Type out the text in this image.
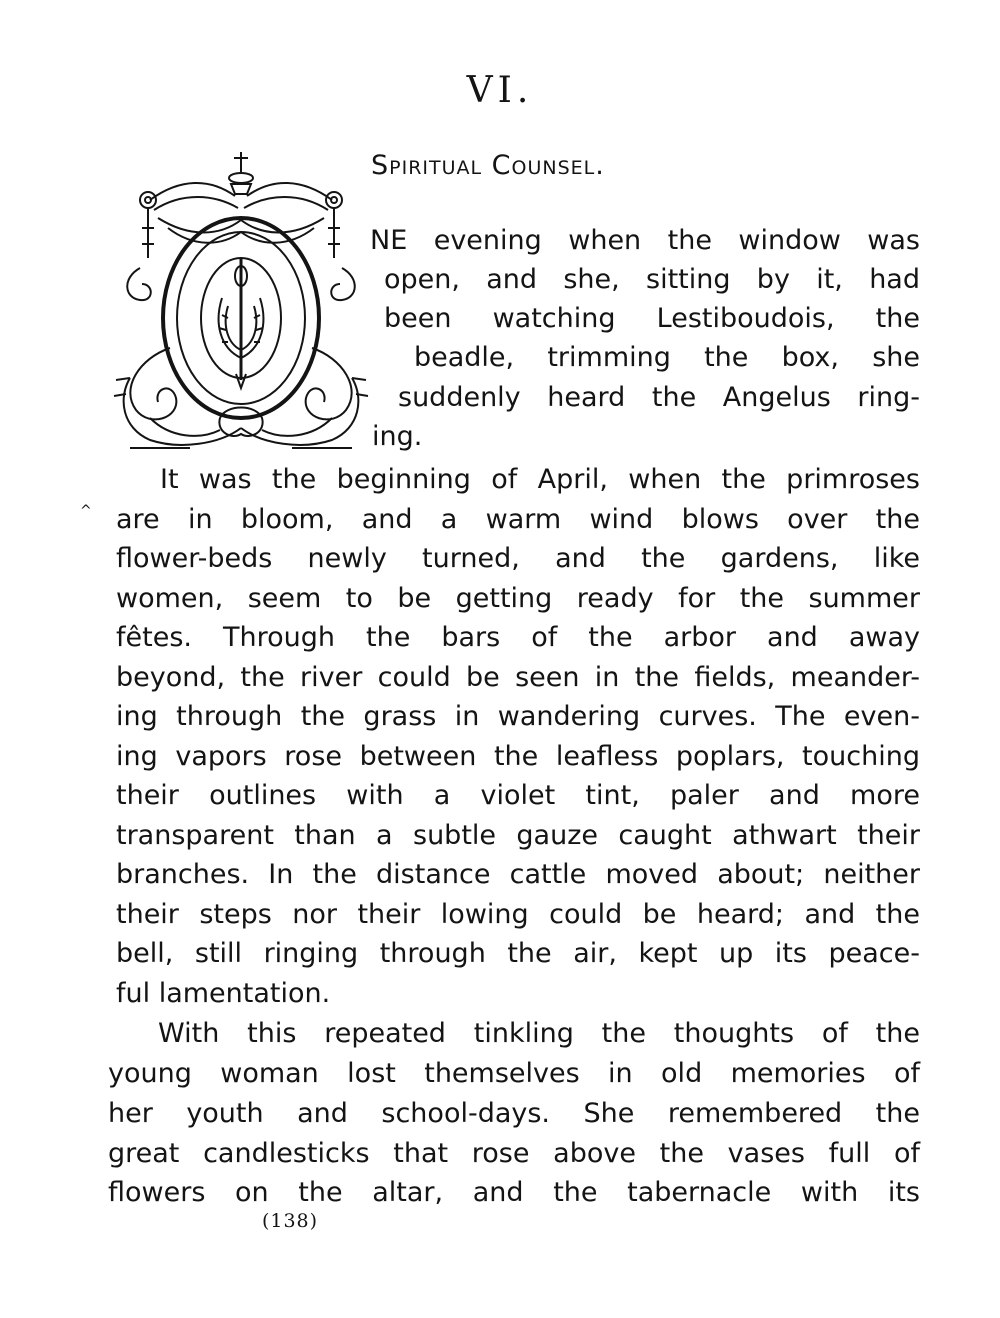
VI.
Spiritual Counsel.
NE evening when the window was
open, and she, sitting by it, had
been watching Lestiboudois, the
beadle, trimming the box, she
suddenly heard the Angelus ring-
ing.
^
It was the beginning of April, when the primroses
are in bloom, and a warm wind blows over the
flower-beds newly turned, and the gardens, like
women, seem to be getting ready for the summer
fêtes. Through the bars of the arbor and away
beyond, the river could be seen in the fields, meander-
ing through the grass in wandering curves. The even-
ing vapors rose between the leafless poplars, touching
their outlines with a violet tint, paler and more
transparent than a subtle gauze caught athwart their
branches. In the distance cattle moved about; neither
their steps nor their lowing could be heard; and the
bell, still ringing through the air, kept up its peace-
ful lamentation.
With this repeated tinkling the thoughts of the
young woman lost themselves in old memories of
her youth and school-days. She remembered the
great candlesticks that rose above the vases full of
flowers on the altar, and the tabernacle with its
(138)
